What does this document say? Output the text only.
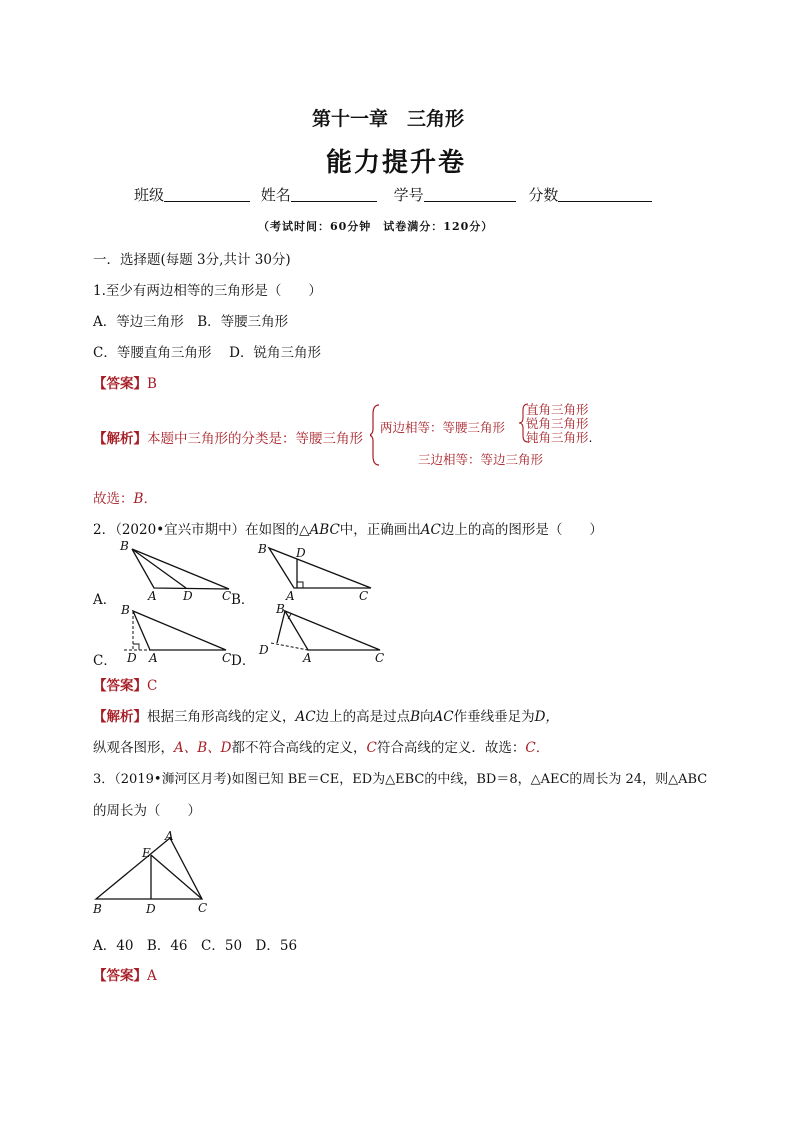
第十一章　三角形
能力提升卷
班级	姓名	学号	分数
（考试时间：60分钟　试卷满分：120分）
一．选择题(每题 3分,共计 30分)
1.至少有两边相等的三角形是（　　）
A．等边三角形　B．等腰三角形
C．等腰直角三角形　 D．锐角三角形
【答案】B
【解析】本题中三角形的分类是：等腰三角形
两边相等：等腰三角形
直角三角形
锐角三角形
钝角三角形.
三边相等：等边三角形
故选：B．
2．（2020•宜兴市期中）在如图的△ABC中，正确画出AC边上的高的图形是（　　）
B
A D C
A．	B．
B D
A	C
B
D A	C
C．	D．
B
D
A	C
【答案】C
【解析】根据三角形高线的定义，AC边上的高是过点B向AC作垂线垂足为D，
纵观各图形，A、B、D都不符合高线的定义，C符合高线的定义．故选：C．
3．（2019•浉河区月考)如图已知 BE＝CE，ED为△EBC的中线，BD＝8，△AEC的周长为 24，则△ABC
的周长为（　　）
A
E
B	D	C
A．40　B．46　C．50　D．56
【答案】A
